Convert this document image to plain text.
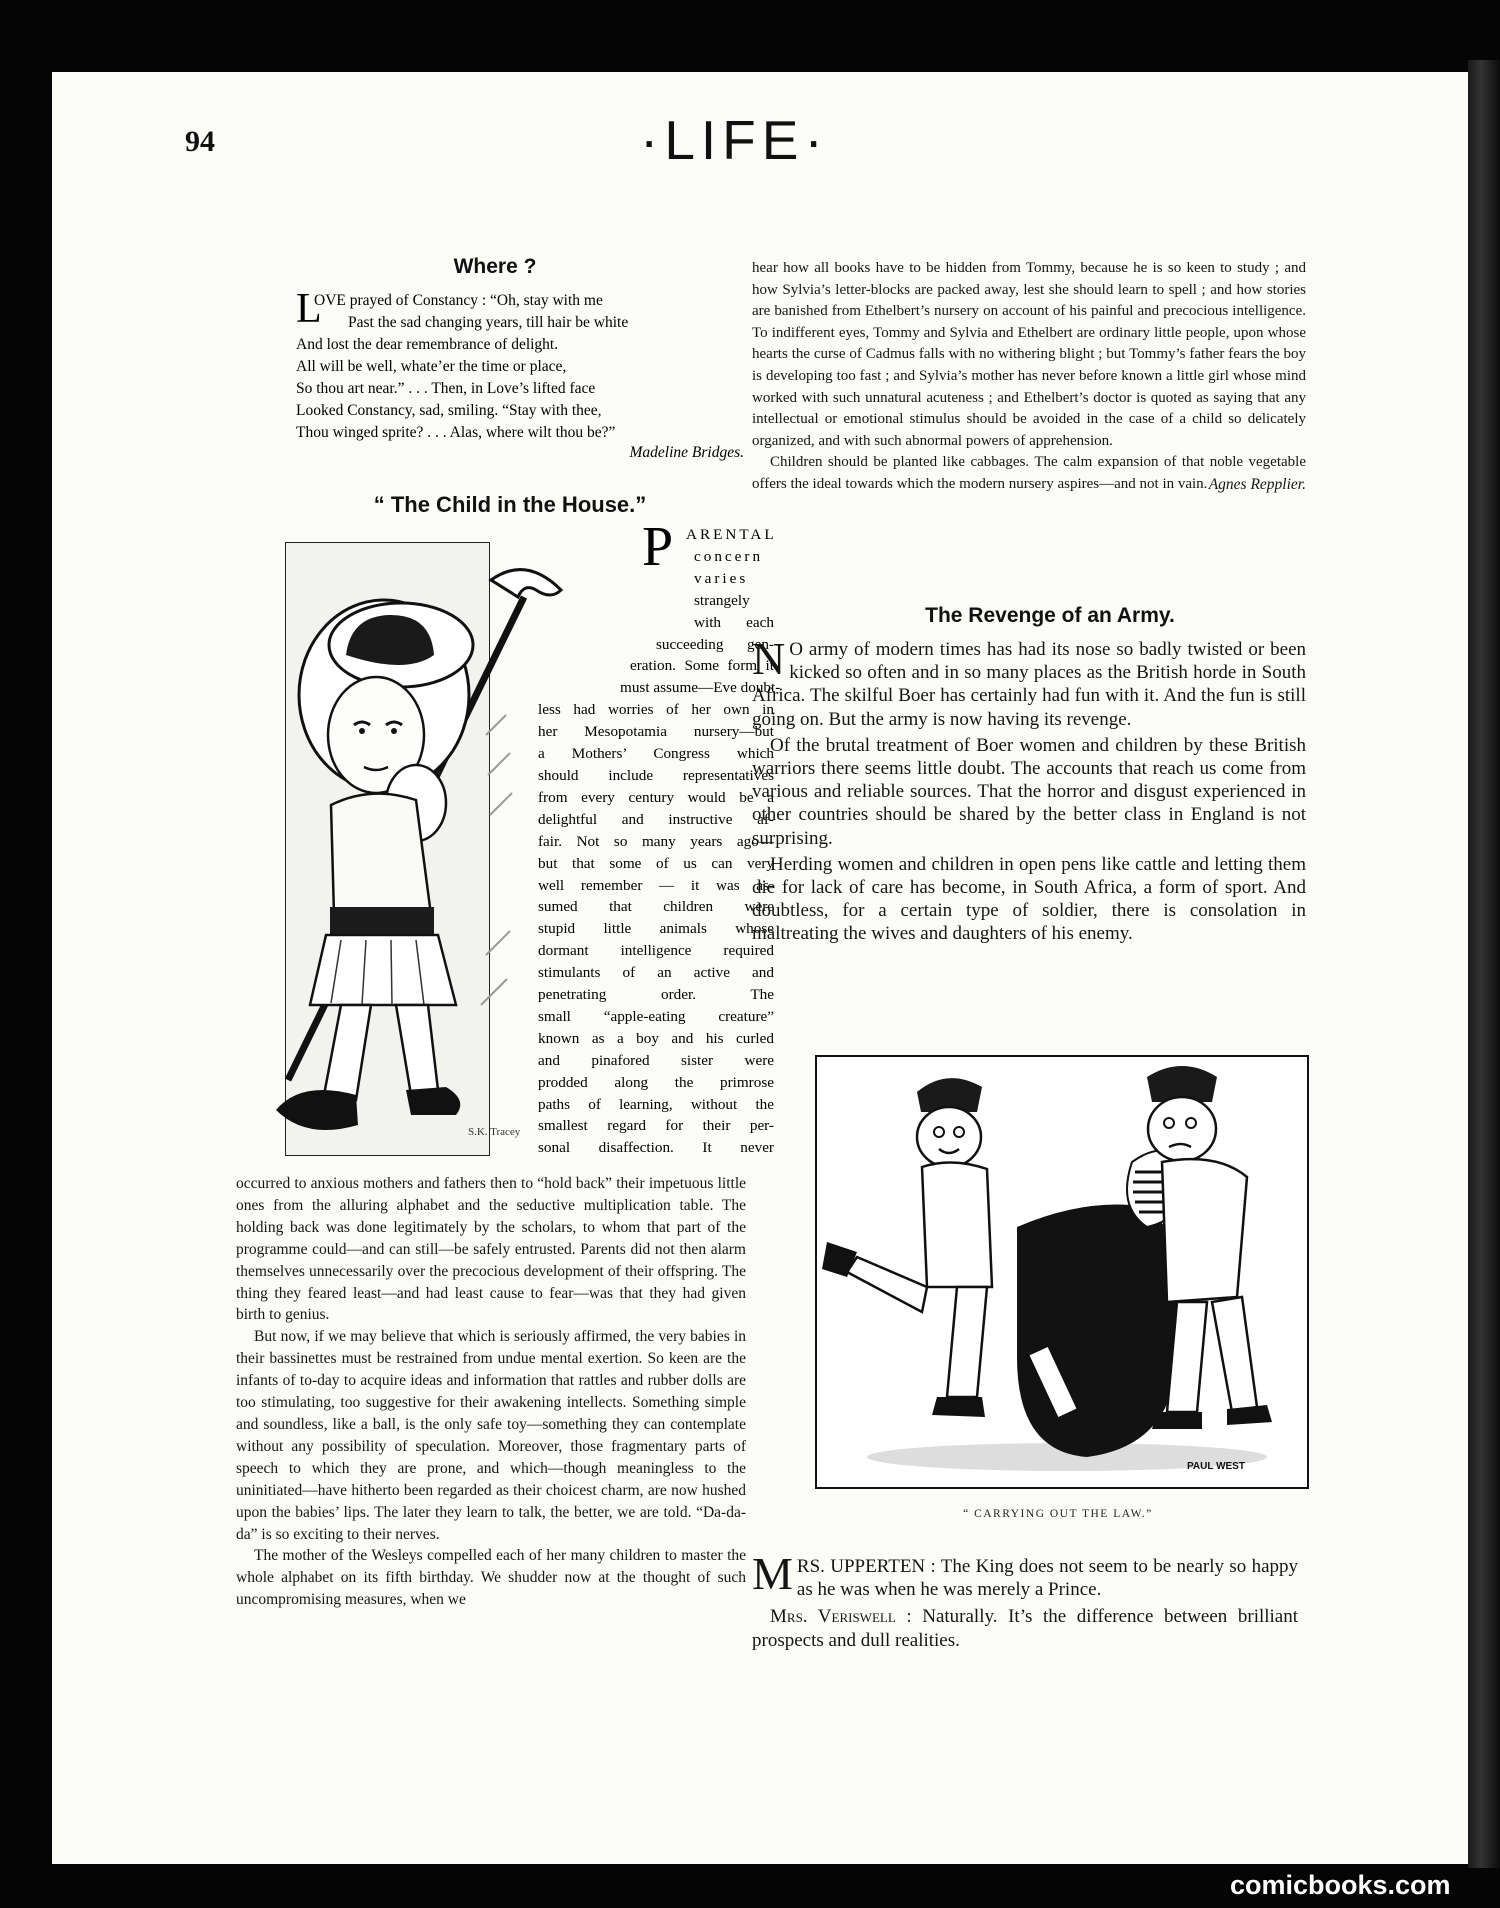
94	·LIFE·
Where ?
L
OVE prayed of Constancy : “Oh, stay with me
Past the sad changing years, till hair be white
And lost the dear remembrance of delight.
All will be well, whate’er the time or place,
So thou art near.” . . . Then, in Love’s lifted face
Looked Constancy, sad, smiling. “Stay with thee,
Thou winged sprite? . . . Alas, where wilt thou be?”
Madeline Bridges.
“ The Child in the House.”
S.K. Tracey
P ARENTAL
concern
varies
strangely
with each
succeeding gen-
eration. Some form it
must assume—Eve doubt-
less had worries of her own in
her Mesopotamia nursery—but
a Mothers’ Congress which
should include representatives
from every century would be a
delightful and instructive af-
fair. Not so many years ago—
but that some of us can very
well remember — it was as-
sumed that children were
stupid little animals whose
dormant intelligence required
stimulants of an active and
penetrating order. The
small “apple-eating creature”
known as a boy and his curled
and pinafored sister were
prodded along the primrose
paths of learning, without the
smallest regard for their per-
sonal disaffection. It never

occurred to anxious mothers and fathers then to “hold back” their impetuous little ones from the alluring alphabet and the seductive multiplication table. The holding back was done legitimately by the scholars, to whom that part of the programme could—and can still—be safely entrusted. Parents did not then alarm themselves unnecessarily over the precocious development of their offspring. The thing they feared least—and had least cause to fear—was that they had given birth to genius.

But now, if we may believe that which is seriously affirmed, the very babies in their bassinettes must be restrained from undue mental exertion. So keen are the infants of to-day to acquire ideas and information that rattles and rubber dolls are too stimulating, too suggestive for their awakening intellects. Something simple and soundless, like a ball, is the only safe toy—something they can contemplate without any possibility of speculation. Moreover, those fragmentary parts of speech to which they are prone, and which—though meaningless to the uninitiated—have hitherto been regarded as their choicest charm, are now hushed upon the babies’ lips. The later they learn to talk, the better, we are told. “Da-da-da” is so exciting to their nerves.

The mother of the Wesleys compelled each of her many children to master the whole alphabet on its fifth birthday. We shudder now at the thought of such uncompromising measures, when we

hear how all books have to be hidden from Tommy, because he is so keen to study ; and how Sylvia’s letter-blocks are packed away, lest she should learn to spell ; and how stories are banished from Ethelbert’s nursery on account of his painful and precocious intelligence. To indifferent eyes, Tommy and Sylvia and Ethelbert are ordinary little people, upon whose hearts the curse of Cadmus falls with no withering blight ; but Tommy’s father fears the boy is developing too fast ; and Sylvia’s mother has never before known a little girl whose mind worked with such unnatural acuteness ; and Ethelbert’s doctor is quoted as saying that any intellectual or emotional stimulus should be avoided in the case of a child so delicately organized, and with such abnormal powers of apprehension.

Children should be planted like cabbages. The calm expansion of that noble vegetable offers the ideal towards which the modern nursery aspires—and not in vain. Agnes Repplier.
The Revenge of an Army.
N O army of modern times has had its nose so badly twisted or been kicked so often and in so many places as the British horde in South Africa. The skilful Boer has certainly had fun with it. And the fun is still going on. But the army is now having its revenge.

Of the brutal treatment of Boer women and children by these British warriors there seems little doubt. The accounts that reach us come from various and reliable sources. That the horror and disgust experienced in other countries should be shared by the better class in England is not surprising.

Herding women and children in open pens like cattle and letting them die for lack of care has become, in South Africa, a form of sport. And doubtless, for a certain type of soldier, there is consolation in maltreating the wives and daughters of his enemy.

PAUL WEST
“ CARRYING OUT THE LAW.”
M RS. UPPERTEN : The King does not seem to be nearly so happy as he was when he was merely a Prince.

Mrs. Veriswell : Naturally. It’s the difference between brilliant prospects and dull realities.

comicbooks.com
